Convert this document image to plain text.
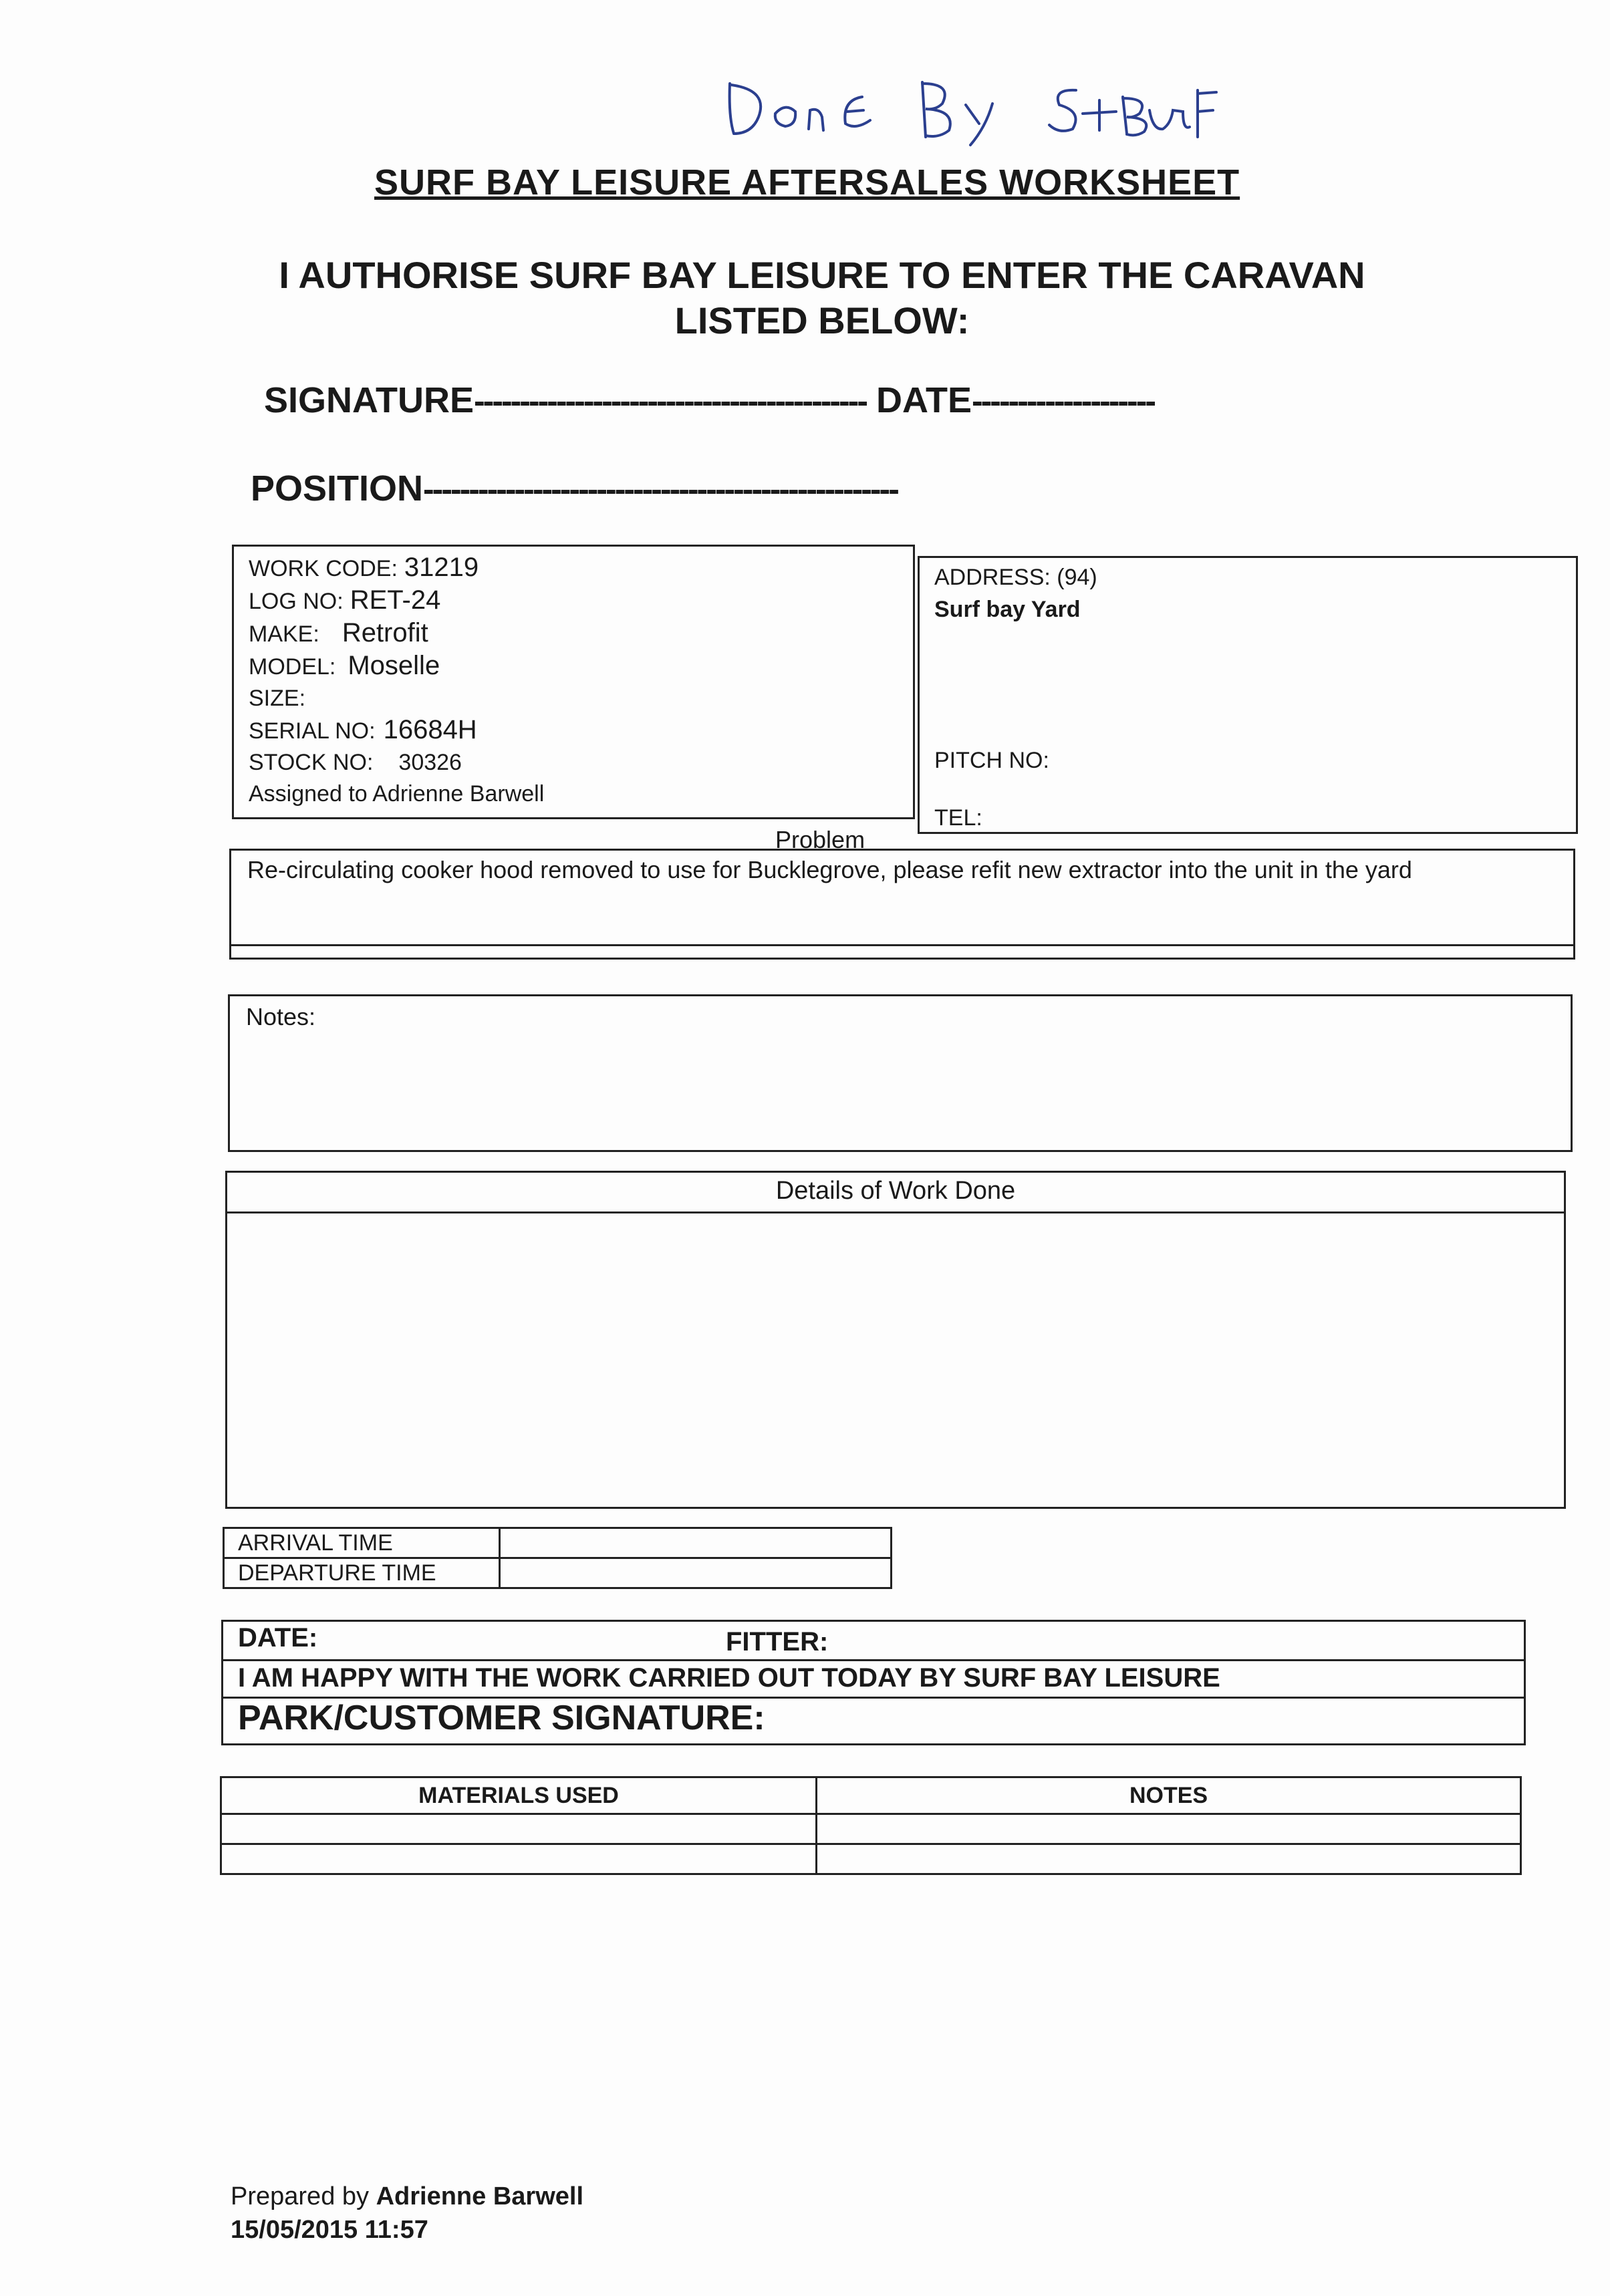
SURF BAY LEISURE AFTERSALES WORKSHEET
I AUTHORISE SURF BAY LEISURE TO ENTER THE CARAVAN LISTED BELOW:
SIGNATURE------------------------------------------- DATE--------------------
POSITION----------------------------------------------------
WORK CODE: 31219
LOG NO: RET-24
MAKE: Retrofit
MODEL: Moselle
SIZE:
SERIAL NO: 16684H
STOCK NO: 30326
Assigned to Adrienne Barwell
ADDRESS: (94)
Surf bay Yard
PITCH NO:
TEL:
Problem
Re-circulating cooker hood removed to use for Bucklegrove, please refit new extractor into the unit in the yard
Notes:
Details of Work Done
ARRIVAL TIME	
DEPARTURE TIME	
DATE:	FITTER:
I AM HAPPY WITH THE WORK CARRIED OUT TODAY BY SURF BAY LEISURE
PARK/CUSTOMER SIGNATURE:
MATERIALS USED	NOTES

Prepared by Adrienne Barwell
15/05/2015 11:57
